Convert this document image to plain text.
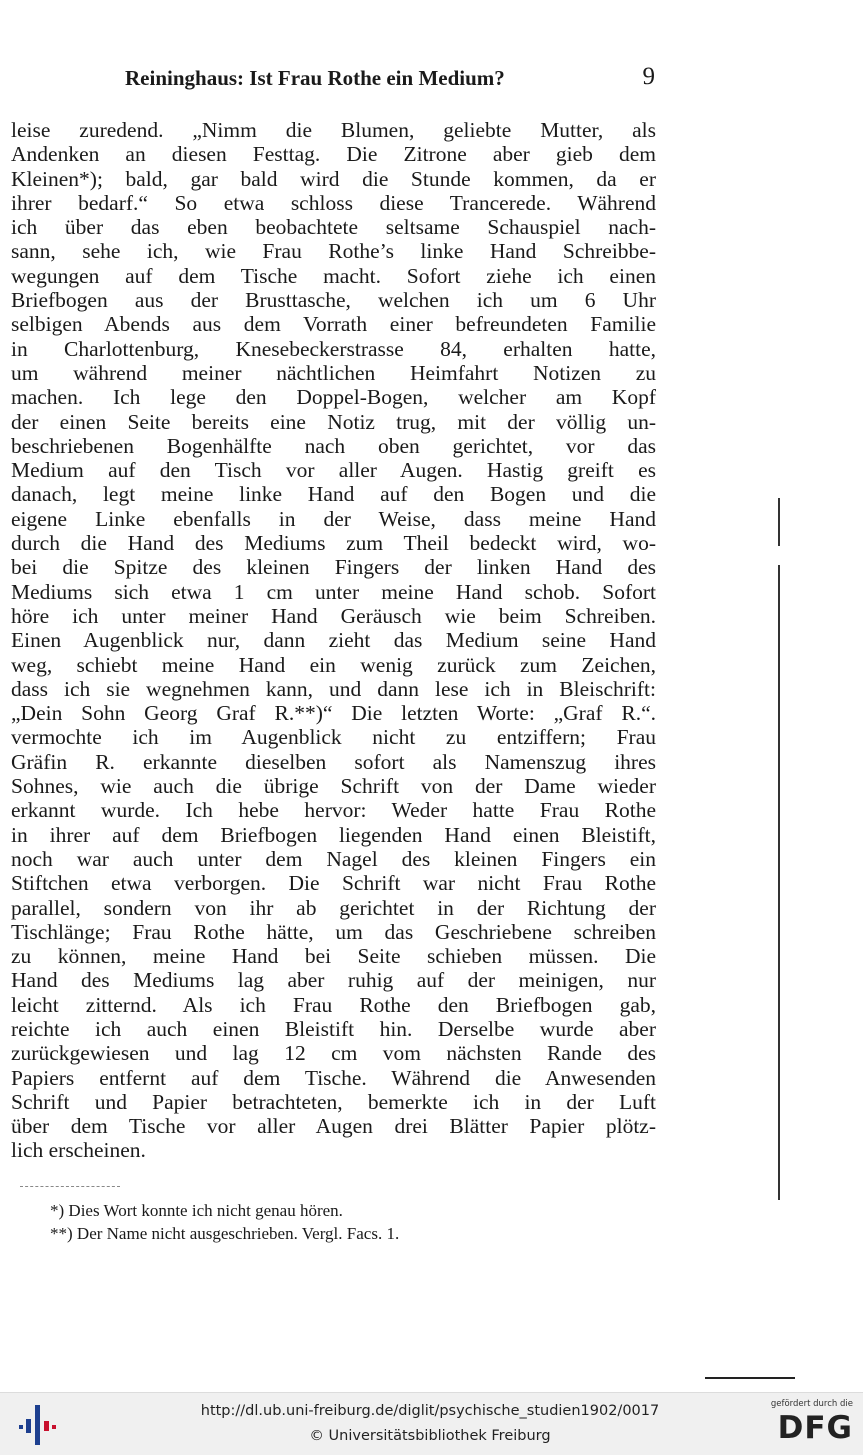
Reininghaus: Ist Frau Rothe ein Medium?	9
leise zuredend. „Nimm die Blumen, geliebte Mutter, als
Andenken an diesen Festtag. Die Zitrone aber gieb dem
Kleinen*); bald, gar bald wird die Stunde kommen, da er
ihrer bedarf.“ So etwa schloss diese Trancerede. Während
ich über das eben beobachtete seltsame Schauspiel nach-
sann, sehe ich, wie Frau Rothe’s linke Hand Schreibbe-
wegungen auf dem Tische macht. Sofort ziehe ich einen
Briefbogen aus der Brusttasche, welchen ich um 6 Uhr
selbigen Abends aus dem Vorrath einer befreundeten Familie
in Charlottenburg, Knesebeckerstrasse 84, erhalten hatte,
um während meiner nächtlichen Heimfahrt Notizen zu
machen. Ich lege den Doppel-Bogen, welcher am Kopf
der einen Seite bereits eine Notiz trug, mit der völlig un-
beschriebenen Bogenhälfte nach oben gerichtet, vor das
Medium auf den Tisch vor aller Augen. Hastig greift es
danach, legt meine linke Hand auf den Bogen und die
eigene Linke ebenfalls in der Weise, dass meine Hand
durch die Hand des Mediums zum Theil bedeckt wird, wo-
bei die Spitze des kleinen Fingers der linken Hand des
Mediums sich etwa 1 cm unter meine Hand schob. Sofort
höre ich unter meiner Hand Geräusch wie beim Schreiben.
Einen Augenblick nur, dann zieht das Medium seine Hand
weg, schiebt meine Hand ein wenig zurück zum Zeichen,
dass ich sie wegnehmen kann, und dann lese ich in Bleischrift:
„Dein Sohn Georg Graf R.**)“ Die letzten Worte: „Graf R.“.
vermochte ich im Augenblick nicht zu entziffern; Frau
Gräfin R. erkannte dieselben sofort als Namenszug ihres
Sohnes, wie auch die übrige Schrift von der Dame wieder
erkannt wurde. Ich hebe hervor: Weder hatte Frau Rothe
in ihrer auf dem Briefbogen liegenden Hand einen Bleistift,
noch war auch unter dem Nagel des kleinen Fingers ein
Stiftchen etwa verborgen. Die Schrift war nicht Frau Rothe
parallel, sondern von ihr ab gerichtet in der Richtung der
Tischlänge; Frau Rothe hätte, um das Geschriebene schreiben
zu können, meine Hand bei Seite schieben müssen. Die
Hand des Mediums lag aber ruhig auf der meinigen, nur
leicht zitternd. Als ich Frau Rothe den Briefbogen gab,
reichte ich auch einen Bleistift hin. Derselbe wurde aber
zurückgewiesen und lag 12 cm vom nächsten Rande des
Papiers entfernt auf dem Tische. Während die Anwesenden
Schrift und Papier betrachteten, bemerkte ich in der Luft
über dem Tische vor aller Augen drei Blätter Papier plötz-
lich erscheinen.
*) Dies Wort konnte ich nicht genau hören.
**) Der Name nicht ausgeschrieben. Vergl. Facs. 1.
http://dl.ub.uni-freiburg.de/diglit/psychische_studien1902/0017
© Universitätsbibliothek Freiburg
gefördert durch die
DFG
